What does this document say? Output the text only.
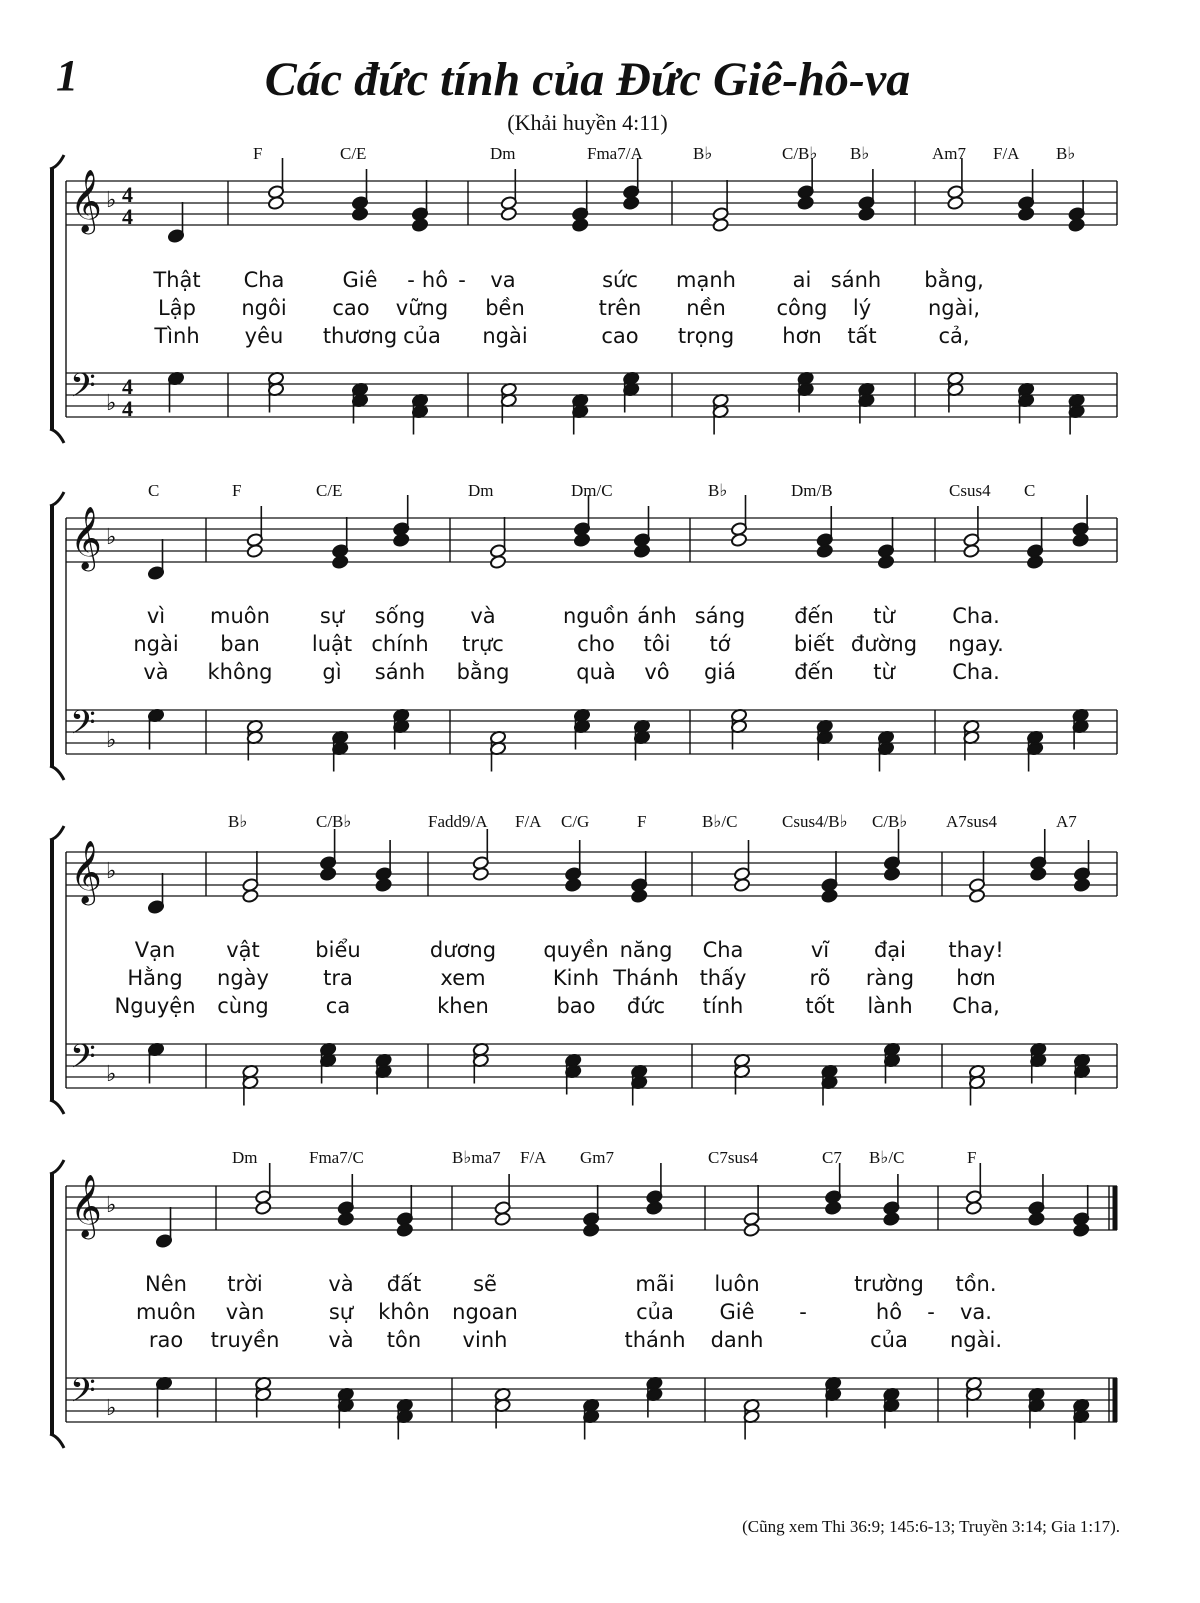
1	Các đức tính của Đức Giê-hô-va
(Khải huyền 4:11)
𝄞
𝄢
♭
♭
4
4
4
4
F	C/E	Dm	Fma7/A	B♭	C/B♭ B♭	Am7 F/A B♭
Thật Cha	Giê - hô - va	sức mạnh	ai sánh bằng,
Lập ngôi cao vững bền	trên nền công lý	ngài,
Tình yêu thương của ngài	cao trọng hơn tất	cả,
𝄞
𝄢
♭
♭
C	F	C/E	Dm	Dm/C	B♭	Dm/B	Csus4 C
vì muôn sự sống và	nguồn ánh sáng đến từ	Cha.
ngài ban luật chính trực	cho tôi tớ	biết đường ngay.
và không gì sánh bằng	quà vô giá	đến từ	Cha.
𝄞
𝄢
♭
♭
B♭	C/B♭	Fadd9/A F/A C/G	F	B♭/C	Csus4/B♭ C/B♭ A7sus4	A7
Vạn vật	biểu	dương quyền năng Cha	vĩ đại thay!
Hằng ngày	tra	xem	Kinh Thánh thấy	rõ ràng hơn
Nguyện cùng	ca	khen	bao đức tính	tốt lành Cha,
𝄞
𝄢
♭
♭
Dm	Fma7/C	B♭ma7 F/A Gm7	C7sus4	C7 B♭/C	F
Nên trời	và đất sẽ	mãi luôn	trường tồn.
muôn vàn	sự khôn ngoan	của Giê -	hô - va.
rao truyền và tôn vinh	thánh danh	của ngài.
(Cũng xem Thi 36:9; 145:6-13; Truyền 3:14; Gia 1:17).
